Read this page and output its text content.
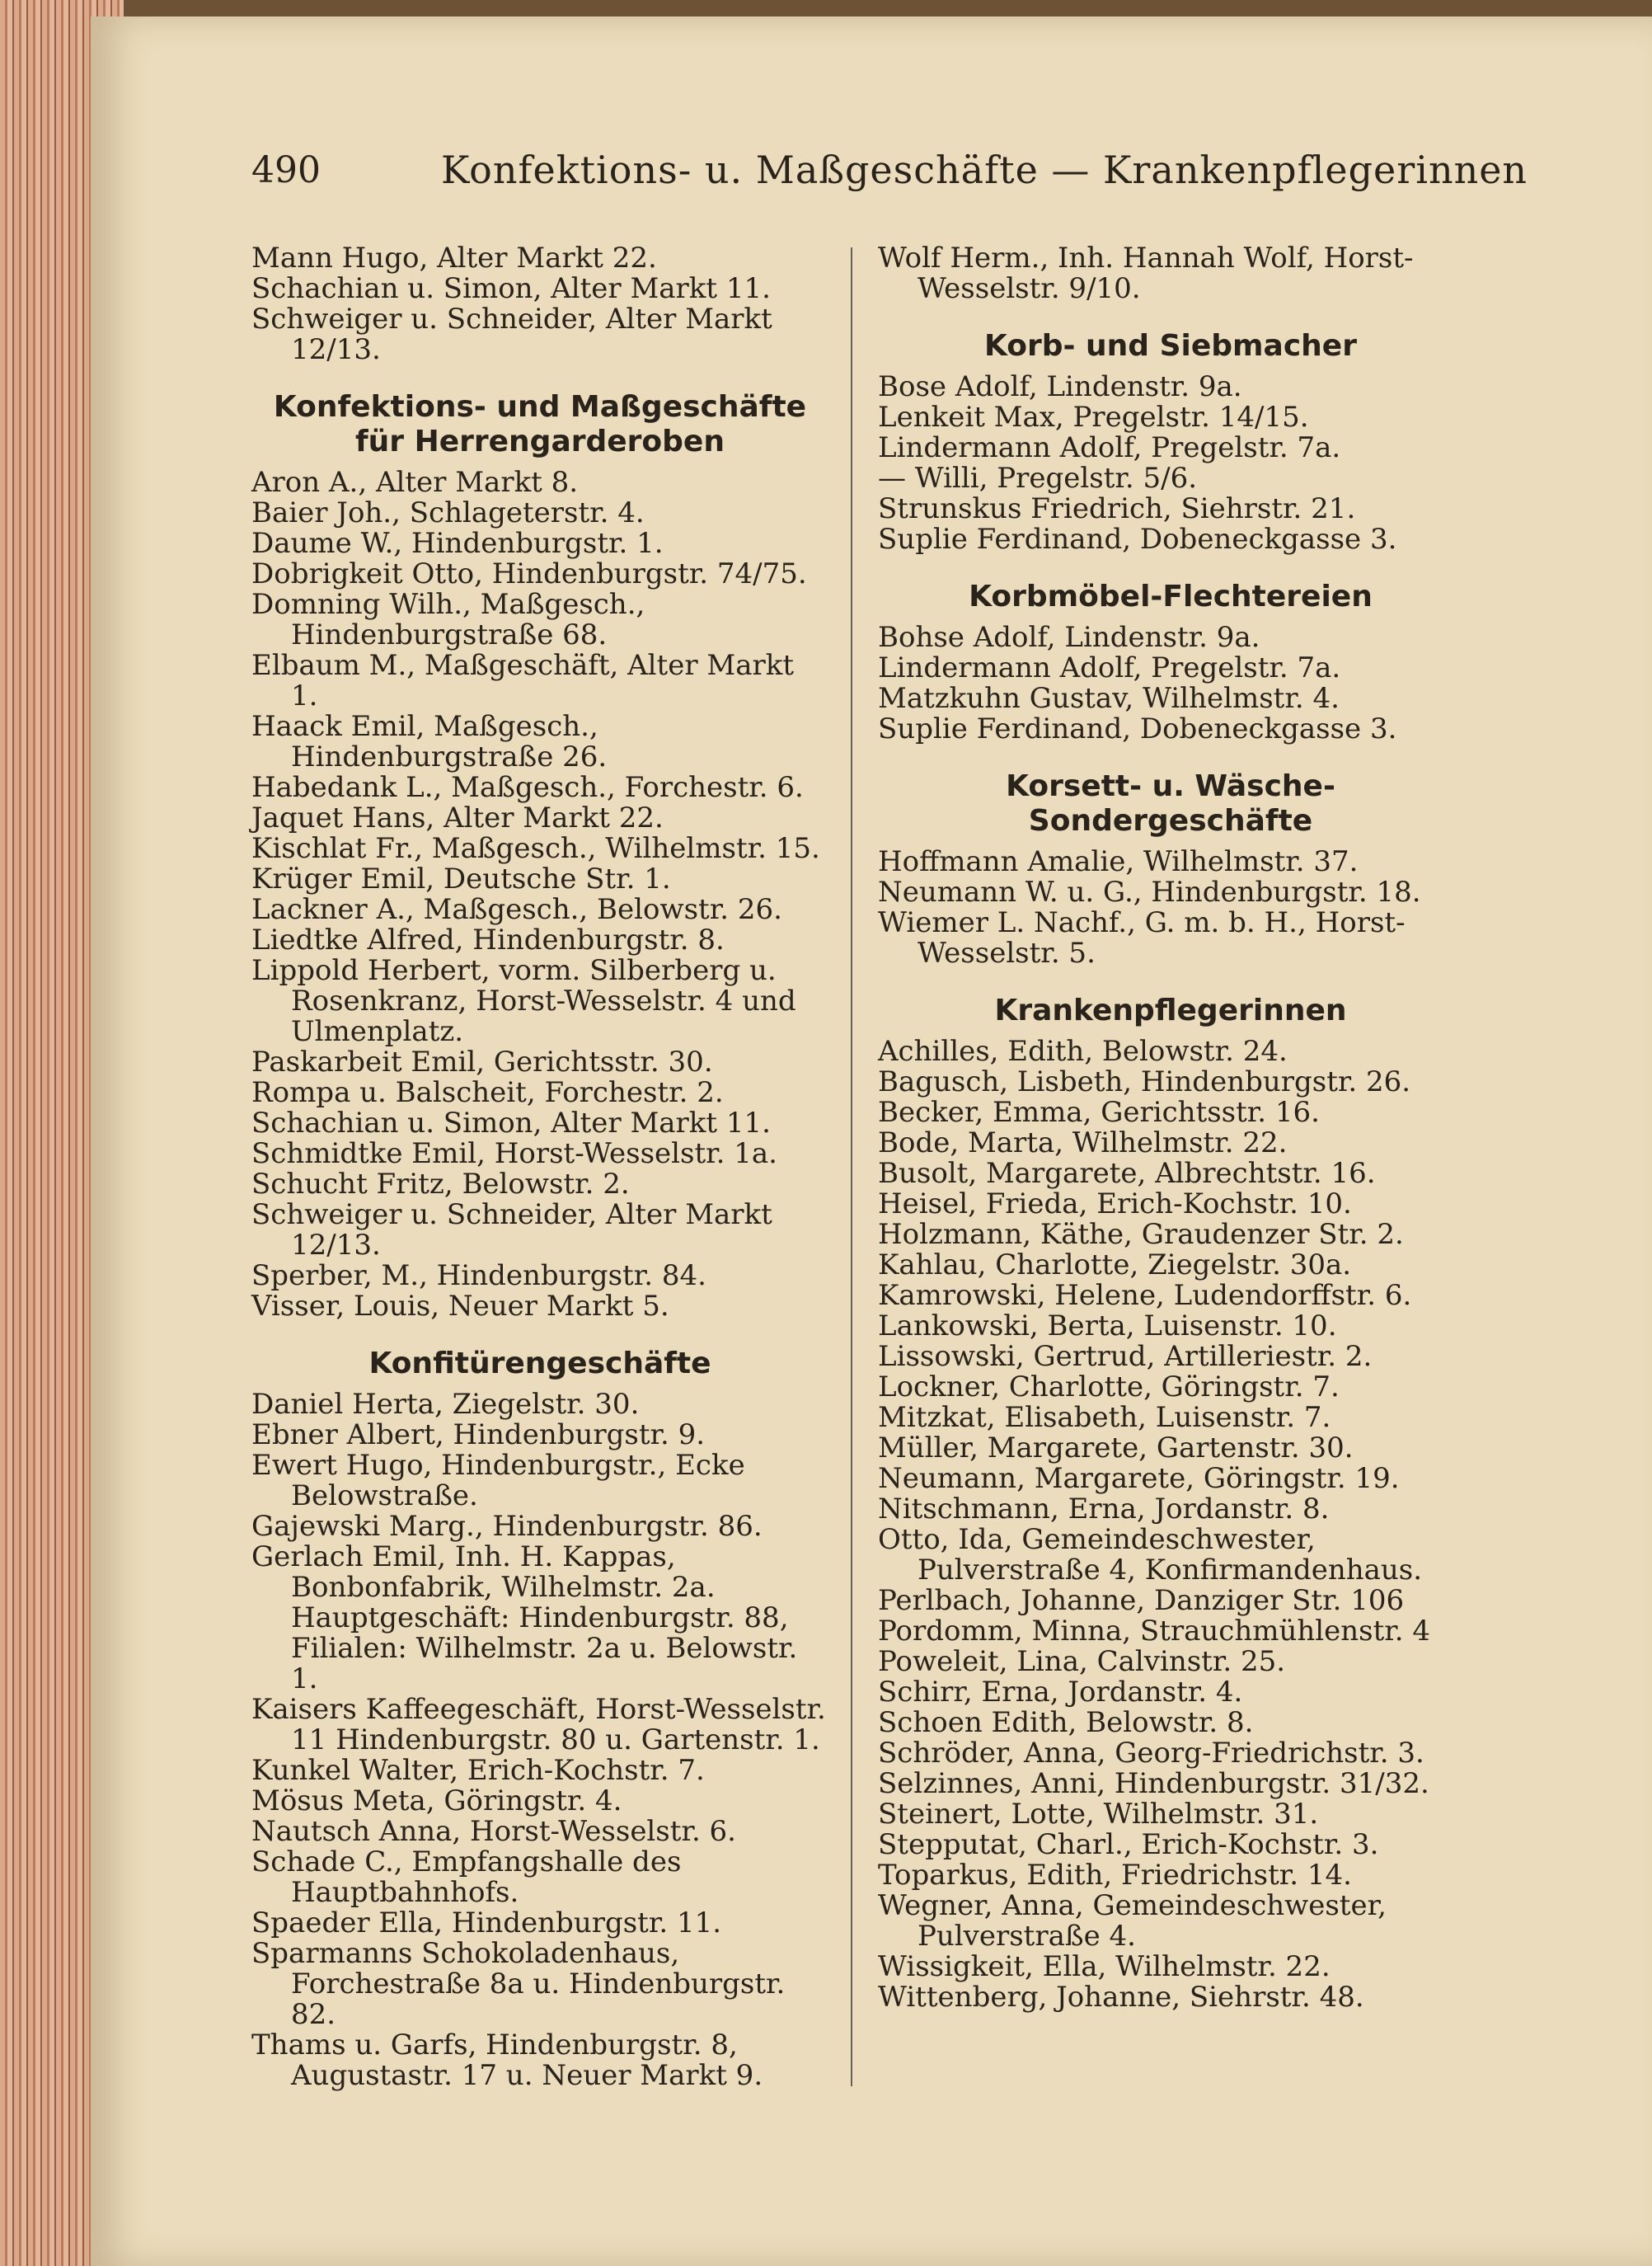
490	Konfektions- u. Maßgeschäfte — Krankenpflegerinnen
Mann Hugo, Alter Markt 22.
Schachian u. Simon, Alter Markt 11.
Schweiger u. Schneider, Alter Markt 12/13.
Konfektions- und Maßgeschäfte für Herrengarderoben
Aron A., Alter Markt 8.
Baier Joh., Schlageterstr. 4.
Daume W., Hindenburgstr. 1.
Dobrigkeit Otto, Hindenburgstr. 74/75.
Domning Wilh., Maßgesch., Hindenburgstraße 68.
Elbaum M., Maßgeschäft, Alter Markt 1.
Haack Emil, Maßgesch., Hindenburgstraße 26.
Habedank L., Maßgesch., Forchestr. 6.
Jaquet Hans, Alter Markt 22.
Kischlat Fr., Maßgesch., Wilhelmstr. 15.
Krüger Emil, Deutsche Str. 1.
Lackner A., Maßgesch., Belowstr. 26.
Liedtke Alfred, Hindenburgstr. 8.
Lippold Herbert, vorm. Silberberg u. Rosenkranz, Horst-Wesselstr. 4 und Ulmenplatz.
Paskarbeit Emil, Gerichtsstr. 30.
Rompa u. Balscheit, Forchestr. 2.
Schachian u. Simon, Alter Markt 11.
Schmidtke Emil, Horst-Wesselstr. 1a.
Schucht Fritz, Belowstr. 2.
Schweiger u. Schneider, Alter Markt 12/13.
Sperber, M., Hindenburgstr. 84.
Visser, Louis, Neuer Markt 5.
Konfitürengeschäfte
Daniel Herta, Ziegelstr. 30.
Ebner Albert, Hindenburgstr. 9.
Ewert Hugo, Hindenburgstr., Ecke Belowstraße.
Gajewski Marg., Hindenburgstr. 86.
Gerlach Emil, Inh. H. Kappas, Bonbonfabrik, Wilhelmstr. 2a. Hauptgeschäft: Hindenburgstr. 88, Filialen: Wilhelmstr. 2a u. Belowstr. 1.
Kaisers Kaffeegeschäft, Horst-Wesselstr. 11 Hindenburgstr. 80 u. Gartenstr. 1.
Kunkel Walter, Erich-Kochstr. 7.
Mösus Meta, Göringstr. 4.
Nautsch Anna, Horst-Wesselstr. 6.
Schade C., Empfangshalle des Hauptbahnhofs.
Spaeder Ella, Hindenburgstr. 11.
Sparmanns Schokoladenhaus, Forchestraße 8a u. Hindenburgstr. 82.
Thams u. Garfs, Hindenburgstr. 8, Augustastr. 17 u. Neuer Markt 9.
Wolf Herm., Inh. Hannah Wolf, Horst-Wesselstr. 9/10.
Korb- und Siebmacher
Bose Adolf, Lindenstr. 9a.
Lenkeit Max, Pregelstr. 14/15.
Lindermann Adolf, Pregelstr. 7a.
— Willi, Pregelstr. 5/6.
Strunskus Friedrich, Siehrstr. 21.
Suplie Ferdinand, Dobeneckgasse 3.
Korbmöbel-Flechtereien
Bohse Adolf, Lindenstr. 9a.
Lindermann Adolf, Pregelstr. 7a.
Matzkuhn Gustav, Wilhelmstr. 4.
Suplie Ferdinand, Dobeneckgasse 3.
Korsett- u. Wäsche-Sondergeschäfte
Hoffmann Amalie, Wilhelmstr. 37.
Neumann W. u. G., Hindenburgstr. 18.
Wiemer L. Nachf., G. m. b. H., Horst-Wesselstr. 5.
Krankenpflegerinnen
Achilles, Edith, Belowstr. 24.
Bagusch, Lisbeth, Hindenburgstr. 26.
Becker, Emma, Gerichtsstr. 16.
Bode, Marta, Wilhelmstr. 22.
Busolt, Margarete, Albrechtstr. 16.
Heisel, Frieda, Erich-Kochstr. 10.
Holzmann, Käthe, Graudenzer Str. 2.
Kahlau, Charlotte, Ziegelstr. 30a.
Kamrowski, Helene, Ludendorffstr. 6.
Lankowski, Berta, Luisenstr. 10.
Lissowski, Gertrud, Artilleriestr. 2.
Lockner, Charlotte, Göringstr. 7.
Mitzkat, Elisabeth, Luisenstr. 7.
Müller, Margarete, Gartenstr. 30.
Neumann, Margarete, Göringstr. 19.
Nitschmann, Erna, Jordanstr. 8.
Otto, Ida, Gemeindeschwester, Pulverstraße 4, Konfirmandenhaus.
Perlbach, Johanne, Danziger Str. 106
Pordomm, Minna, Strauchmühlenstr. 4
Poweleit, Lina, Calvinstr. 25.
Schirr, Erna, Jordanstr. 4.
Schoen Edith, Belowstr. 8.
Schröder, Anna, Georg-Friedrichstr. 3.
Selzinnes, Anni, Hindenburgstr. 31/32.
Steinert, Lotte, Wilhelmstr. 31.
Stepputat, Charl., Erich-Kochstr. 3.
Toparkus, Edith, Friedrichstr. 14.
Wegner, Anna, Gemeindeschwester, Pulverstraße 4.
Wissigkeit, Ella, Wilhelmstr. 22.
Wittenberg, Johanne, Siehrstr. 48.
